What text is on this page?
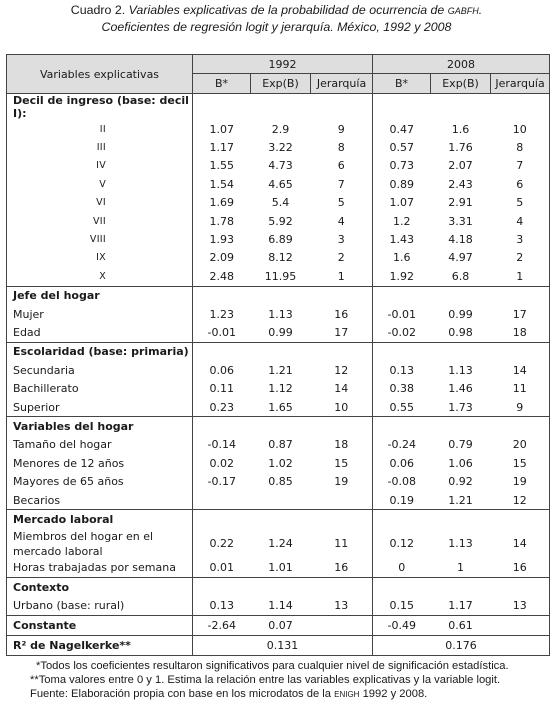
Cuadro 2. Variables explicativas de la probabilidad de ocurrencia de gabfh.
Coeficientes de regresión logit y jerarquía. México, 1992 y 2008
Variables explicativas	1992			2008		
	B*	Exp(B)	Jerarquía	B*	Exp(B)	Jerarquía
Decil de ingreso (base: decil I):						
II	1.07	2.9	9	0.47	1.6	10
III	1.17	3.22	8	0.57	1.76	8
IV	1.55	4.73	6	0.73	2.07	7
V	1.54	4.65	7	0.89	2.43	6
VI	1.69	5.4	5	1.07	2.91	5
VII	1.78	5.92	4	1.2	3.31	4
VIII	1.93	6.89	3	1.43	4.18	3
IX	2.09	8.12	2	1.6	4.97	2
X	2.48	11.95	1	1.92	6.8	1
Jefe del hogar						
Mujer	1.23	1.13	16	-0.01	0.99	17
Edad	-0.01	0.99	17	-0.02	0.98	18
Escolaridad (base: primaria)						
Secundaria	0.06	1.21	12	0.13	1.13	14
Bachillerato	0.11	1.12	14	0.38	1.46	11
Superior	0.23	1.65	10	0.55	1.73	9
Variables del hogar						
Tamaño del hogar	-0.14	0.87	18	-0.24	0.79	20
Menores de 12 años	0.02	1.02	15	0.06	1.06	15
Mayores de 65 años	-0.17	0.85	19	-0.08	0.92	19
Becarios				0.19	1.21	12
Mercado laboral						
Miembros del hogar en el mercado laboral	0.22	1.24	11	0.12	1.13	14
Horas trabajadas por semana	0.01	1.01	16	0	1	16
Contexto						
Urbano (base: rural)	0.13	1.14	13	0.15	1.17	13
Constante	-2.64	0.07		-0.49	0.61	
R² de Nagelkerke**	0.131			0.176		

*Todos los coeficientes resultaron significativos para cualquier nivel de significación estadística.

**Toma valores entre 0 y 1. Estima la relación entre las variables explicativas y la variable logit.

Fuente: Elaboración propia con base en los microdatos de la enigh 1992 y 2008.
